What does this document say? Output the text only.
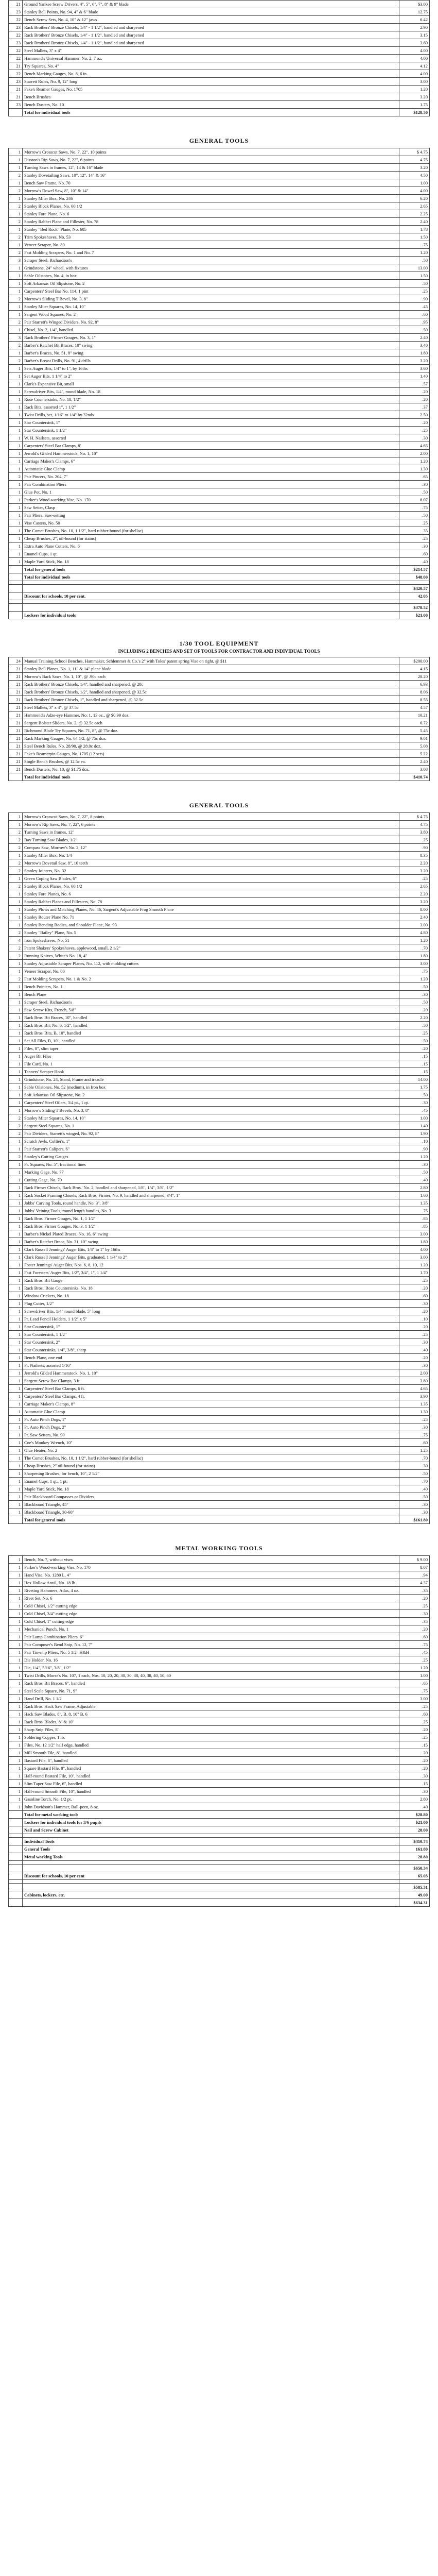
21	Ground Yankee Screw Drivers, 4", 5", 6", 7", 8" & 9" blade	$3.00
23	Stanley Bell Points, No. 94, 4" & 6" blade	12.75
22	Bench Screw Sets, No. 4, 10" & 12" jaws	6.42
23	Rack Brothers' Bronze Chisels, 1/4" - 1 1/2", handled and sharpened	2.90
22	Rack Brothers' Bronze Chisels, 1/4" - 1 1/2", handled and sharpened	3.15
23	Rack Brothers' Bronze Chisels, 1/4" - 1 1/2", handled and sharpened	3.60
22	Steel Mallets, 3" x 4"	4.00
22	Hammond's Universal Hammer, No. 2, 7 oz.	4.00
21	Try Squares, No. 4"	4.12
22	Bench Marking Gauges, No. 8, 6 in.	4.00
23	Starrett Rules, No. 9, 12" long	3.00
21	Fake's Reamer Gauges, No. 1705	1.20
21	Bench Brushes	3.20
23	Bench Dusters, No. 10	1.75
	Total for individual tools	$128.50
GENERAL TOOLS
1	Morrow's Crosscut Saws, No. 7, 22", 10 points	$ 4.75
1	Disston's Rip Saws, No. 7, 22", 6 points	4.75
1	Turning Saws in frames, 12", 14 & 16" blade	3.20
2	Stanley Dovetailing Saws, 10", 12", 14" & 16"	4.50
1	Bench Saw Frame, No. 70	1.00
2	Morrow's Dowel Saw, 8", 10" & 14"	4.00
1	Stanley Miter Box, No. 246	6.20
2	Stanley Block Planes, No. 60 1/2	2.65
1	Stanley Fore Plane, No. 6	2.25
2	Stanley Rabbet Plane and Fillester, No. 78	2.40
1	Stanley "Bed Rock" Plane, No. 605	1.78
2	Trim Spokeshaves, No. 53	1.50
1	Veneer Scraper, No. 80	.75
2	Fast Molding Scrapers, No. 1 and No. 7	1.20
3	Scraper Steel, Richardson's	.50
1	Grindstone, 24" wheel, with fixtures	13.00
1	Sable Oilstones, No. 4, in box	1.50
1	Soft Arkansas Oil Slipstone, No. 2	.50
1	Carpenters' Steel Bar No. 114, 1 pint	.25
2	Morrow's Sliding T Bevel, No. 3, 8"	.90
1	Stanley Miter Squares, No. 14, 10"	.45
1	Sargent Wood Squares, No. 2	.60
2	Pair Starrett's Winged Dividers, No. 92, 8"	.95
1	Chisel, No. 2, 1/4", handled	.50
3	Rack Brothers' Firmer Gouges, No. 3, 1"	2.40
2	Barber's Ratchet Bit Braces, 10" swing	3.40
1	Barber's Braces, No. 51, 8" swing	1.80
2	Barber's Breast Drills, No. 91, 4 drills	3.20
1	Sets Auger Bits, 1/4" to 1", by 16ths	3.60
1	Set Auger Bits, 1 1/4" to 2"	1.40
1	Clark's Expansive Bit, small	.57
1	Screwdriver Bits, 1/4", round blade, No. 18	.20
1	Rose Countersinks, No. 18, 1/2"	.20
1	Rack Bits, assorted 1", 1 1/2"	.37
1	Twist Drills, set, 1/16" to 1/4" by 32nds	2.50
1	Star Countersink, 1"	.20
1	Star Countersink, 1 1/2"	.25
1	W. H. Nailsets, assorted	.30
1	Carpenters' Steel Bar Clamps, 8'	4.65
1	Jerrold's Gilded Hammerstock, No. 1, 10"	2.00
1	Carriage Maker's Clamps, 6"	1.20
1	Automatic Glue Clamp	1.30
2	Pair Pincers, No. 204, 7"	.65
1	Pair Combination Pliers	.30
1	Glue Pot, No. 1	.50
1	Parker's Wood-working Vise, No. 170	8.07
1	Saw Setter, Clasp	.75
1	Pair Pliers, Saw-setting	.50
1	Vise Casters, No. 50	.25
1	The Comet Brushes, No. 10, 1 1/2", hard rubber-bound (for shellac)	.35
1	Cheap Brushes, 2", oil-bound (for stains)	.25
1	Extra Auto Plane Cutters, No. 6	.30
1	Enamel Cups, 1 qt.	.60
1	Maple Yard Stick, No. 18	.40
	Total for general tools	$214.57
	Total for individual tools	$48.00

		$420.57
	Discount for schools, 10 per cent.	42.05

		$378.52
	Lockers for individual tools	$21.00
1/30 TOOL EQUIPMENT
INCLUDING 2 BENCHES AND SET OF TOOLS FOR CONTRACTOR AND INDIVIDUAL TOOLS
24	Manual Training School Benches, Hammaker, Schlemmer & Co.'s 2" with Toles' patent spring Vise on right, @ $11	$200.00
21	Stanley Bell Planes, No. 1, 11" & 14" plane blade	4.15
21	Morrow's Back Saws, No. 1, 10", @ .90c each	28.20
21	Rack Brothers' Bronze Chisels, 1/4", handled and sharpened, @ 28c	6.93
21	Rack Brothers' Bronze Chisels, 1/2", handled and sharpened, @ 32.5c	8.06
21	Rack Brothers' Bronze Chisels, 1", handled and sharpened, @ 32.5c	8.55
21	Steel Mallets, 3" x 4", @ 37.5c	4.57
21	Hammond's Adze-eye Hammer, No. 1, 13 oz., @ $0.99 doz.	10.21
21	Sargent Bolster Sliders, No. 2, @ 32.5c each	6.72
21	Richmond Blade Try Squares, No. 71, 8", @ 75c doz.	5.45
21	Rack Marking Gauges, No. 64 1/2, @ 75c doz.	9.01
21	Steel Bench Rules, No. 28/90, @ 28.0c doz.	5.08
21	Fake's Reamerpin Gauges, No. 1705 (12 sets)	5.22
21	Single Bench Brushes, @ 12.5c ea.	2.40
21	Bench Dusters, No. 10, @ $1.75 doz.	3.08
	Total for individual tools	$410.74
GENERAL TOOLS
1	Morrow's Crosscut Saws, No. 7, 22", 8 points	$ 4.75
1	Morrow's Rip Saws, No. 7, 22", 6 points	4.75
2	Turning Saws in frames, 12"	3.80
2	Bay Turning Saw Blades, 1/2"	.25
2	Compass Saw, Morrow's No. 2, 12"	.90
1	Stanley Miter Box, No. 1/4	8.35
2	Morrow's Dovetail Saw, 8", 10 teeth	2.20
2	Stanley Jointers, No. 32	3.20
1	Green Coping Saw Blades, 6"	.25
2	Stanley Block Planes, No. 60 1/2	2.65
1	Stanley Fore Planes, No. 6	2.20
1	Stanley Rabbet Planes and Fillesters, No. 78	3.20
1	Stanley Plows and Matching Planes, No. 46, Sargent's Adjustable Frog Smooth Plane	8.00
1	Stanley Router Plane No. 71	2.40
1	Stanley Bending Bodies, and Shoulder Plane, No. 93	3.00
2	Stanley "Bailey" Plane, No. 5	4.80
4	Iron Spokeshaves, No. 51	1.20
2	Patent Shakers' Spokeshaves, applewood, small, 2 1/2"	.70
2	Running Knives, White's No. 18, 4"	1.80
1	Stanley Adjustable Scraper Planes, No. 112, with molding cutters	3.00
1	Veneer Scraper, No. 80	.75
2	Fast Molding Scrapers, No. 1 & No. 2	1.20
1	Bench Pointers, No. 1	.50
1	Bench Plane	.30
1	Scraper Steel, Richardson's	.50
1	Saw Screw Kits, French, 5/8"	.20
1	Rack Bros' Bit Braces, 10", handled	2.20
1	Rack Bros' Bit, No. 6, 1/2", handled	.50
1	Rack Bros' Bits, B, 10", handled	.25
1	Set All Files, B, 10", handled	.50
1	Files, 8", slim taper	.20
1	Auger Bit Files	.15
1	File Card, No. 1	.15
1	Tanners' Scraper Hook	.15
1	Grindstone, No. 24, Stand, Frame and treadle	14.00
1	Sable Oilstones, No. 52 (medium), in Iron box	1.75
1	Soft Arkansas Oil Slipstone, No. 2	.50
1	Carpenters' Steel Oilers, 3/4 pt., 1 qt.	.30
1	Morrow's Sliding T Bevels, No. 3, 8"	.45
2	Stanley Miter Squares, No. 14, 10"	1.00
2	Sargent Steel Squares, No. 1	1.40
2	Pair Dividers, Starrett's winged, No. 92, 8"	1.90
1	Scratch Awls, Collier's, 1"	.10
1	Pair Starrett's Calipers, 6"	.90
2	Stanley's Cutting Gauges	1.20
1	Pr. Squares, No. 5", fractional lines	.30
1	Marking Gage, No. 77	.50
1	Cutting Gage, No. 70	.40
1	Rack Firmer Chisels, Rack Bros.' No. 2, handled and sharpened, 1/8", 1/4", 3/8", 1/2"	2.80
1	Rack Socket Framing Chisels, Rack Bros' Firmer, No. 9, handled and sharpened, 3/4", 1"	1.60
1	Jobbs' Carving Tools, round handle, No. 3", 3/8"	1.35
1	Jobbs' Veining Tools, round length handles, No. 3	.75
1	Rack Bros' Firmer Gouges, No. 1, 1 1/2"	.85
1	Rack Bros' Firmer Gouges, No. 3, 1 1/2"	.85
1	Barber's Nickel Plated Braces, No. 16, 6" swing	3.00
1	Barber's Ratchet Brace, No. 31, 10" swing	1.80
1	Clark Russell Jennings' Auger Bits, 1/4" to 1" by 16ths	4.00
1	Clark Russell Jennings' Auger Bits, graduated, 1 1/4" to 2"	3.00
1	Foster Jennings' Auger Bits, Nos. 6, 8, 10, 12	1.20
1	Fast Foresters' Auger Bits, 1/2", 3/4", 1", 1 1/4"	1.70
1	Rack Bros' Bit Gauge	.25
1	Rack Bros'. Rose Countersinks, No. 18	.20
1	Window Crickets, No. 18	.60
1	Plug Cutter, 1/2"	.30
1	Screwdriver Bits, 1/4" round blade, 5" long	.20
1	Pr. Lead Pencil Holders, 1 1/2" x 5"	.10
1	Star Countersink, 1"	.20
1	Star Countersink, 1 1/2"	.25
1	Star Countersink, 2"	.30
1	Star Countersinks, 1/4", 3/8", sharp	.40
1	Bench Plane, one end	.20
1	Pr. Nailsets, assorted 1/16"	.30
1	Jerrold's Gilded Hammerstock, No. 1, 10"	2.00
1	Sargent Screw Bar Clamps, 3 ft.	3.80
1	Carpenters' Steel Bar Clamps, 6 ft.	4.65
1	Carpenters' Steel Bar Clamps, 4 ft.	3.90
1	Carriage Maker's Clamps, 8"	1.35
1	Automatic Glue Clamp	1.30
1	Pr. Auto Pinch Dogs, 1"	.25
1	Pr. Auto Pinch Dogs, 2"	.30
1	Pr. Saw Setters, No. 90	.75
1	Coe's Monkey Wrench, 10"	.60
1	Glue Heater, No. 2	1.25
1	The Comet Brushes, No. 10, 1 1/2", hard rubber-bound (for shellac)	.70
1	Cheap Brushes, 2" oil-bound (for stains)	.30
1	Sharpening Brushes, for bench, 10", 2 1/2"	.50
1	Enamel Cups, 1 qt., 1 pt.	.70
1	Maple Yard Stick, No. 18	.40
1	Pair Blackboard Compasses or Dividers	.50
1	Blackboard Triangle, 45°	.30
1	Blackboard Triangle, 30-60°	.30
	Total for general tools	$161.80
METAL WORKING TOOLS
1	Bench, No. 7, without vises	$ 9.00
1	Parker's Wood-working Vise, No. 170	8.07
1	Hand Vise, No. 1280 L, 4"	.94
1	Hex Hollow Anvil, No. 18 lb.	4.37
1	Riveting Hammers, Atlas, 4 oz.	.35
1	Rivet Set, No. 6	.20
1	Cold Chisel, 1/2" cutting edge	.25
1	Cold Chisel, 3/4" cutting edge	.30
1	Cold Chisel, 1" cutting edge	.35
1	Mechanical Punch, No. 1	.20
1	Pair Lamp Combination Pliers, 6"	.60
1	Pair Composer's Bend Snip, No. 12, 7"	.75
1	Pair Tin-snip Pliers, No. 5 1/2" H&H	.45
1	Die Holder, No. 16	.25
1	Die, 1/4", 5/16", 3/8", 1/2"	1.20
1	Twist Drills, Morse's No. 107, 1 each, Nos. 10, 20, 20, 30, 30, 38, 40, 38, 40, 50, 60	1.00
1	Rack Bros' Bit Braces, 6", handled	.65
1	Steel Scale Square, No. 71, 9"	.75
1	Hand Drill, No. 1 1/2	3.00
1	Rack Bros' Hack Saw Frame, Adjustable	.25
1	Hack Saw Blades, 8", B. 8, 10" B. 6	.60
1	Rack Bros' Blades, 8" & 10"	.25
1	Sharp Snip Files, 8"	.20
1	Soldering Copper, 1 lb.	.25
1	Files, No. 12 1/2" half edge, handled	.15
1	Mill Smooth File, 8", handled	.20
1	Bastard File, 8", handled	.20
1	Square Bastard File, 8", handled	.20
1	Half-round Bastard File, 10", handled	.30
1	Slim Taper Saw File, 6", handled	.15
1	Half-round Smooth File, 10", handled	.30
1	Gasoline Torch, No. 1/2 pt.	2.80
1	John Davidson's Hammer, Ball-peen, 8 oz.	.40
	Total for metal working tools	$28.80
	Lockers for individual tools for 3/6 pupils	$21.00
	Nail and Screw Cabinet	28.00

	Individual Tools	$410.74
	General Tools	161.80
	Metal working Tools	28.80

		$650.34
	Discount for schools, 10 per cent	65.03

		$585.31
	Cabinets, lockers, etc.	49.00
		$634.31
